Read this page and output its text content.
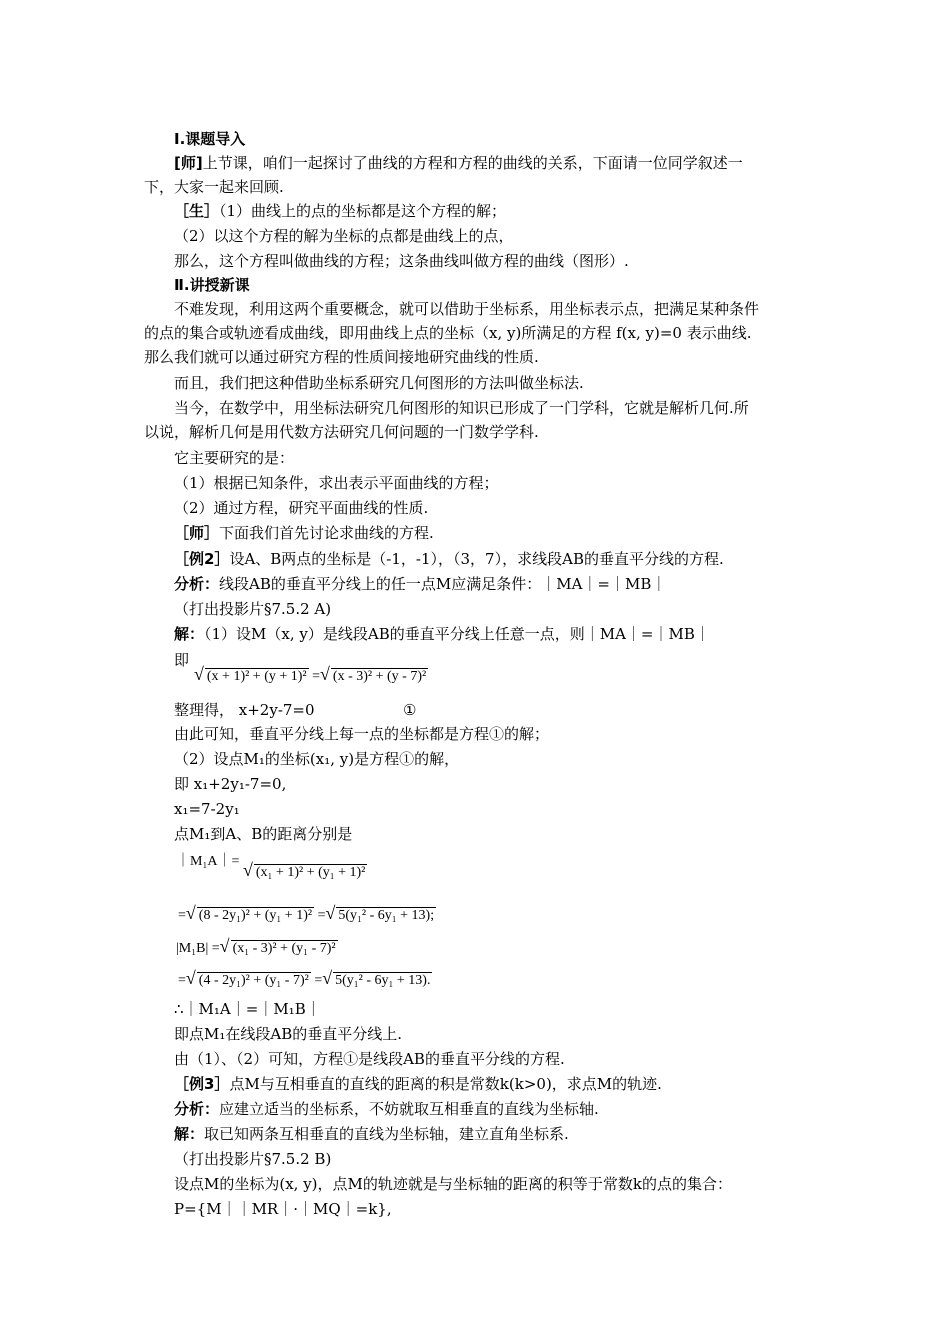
Ⅰ.课题导入
[师]上节课，咱们一起探讨了曲线的方程和方程的曲线的关系，下面请一位同学叙述一
下，大家一起来回顾.
［生］（1）曲线上的点的坐标都是这个方程的解；
（2）以这个方程的解为坐标的点都是曲线上的点，
那么，这个方程叫做曲线的方程；这条曲线叫做方程的曲线（图形）.
Ⅱ.讲授新课
不难发现，利用这两个重要概念，就可以借助于坐标系，用坐标表示点，把满足某种条件
的点的集合或轨迹看成曲线，即用曲线上点的坐标（x, y)所满足的方程 f(x, y)=0 表示曲线.
那么我们就可以通过研究方程的性质间接地研究曲线的性质.
而且，我们把这种借助坐标系研究几何图形的方法叫做坐标法.
当今，在数学中，用坐标法研究几何图形的知识已形成了一门学科，它就是解析几何.所
以说，解析几何是用代数方法研究几何问题的一门数学学科.
它主要研究的是：
（1）根据已知条件，求出表示平面曲线的方程；
（2）通过方程，研究平面曲线的性质.
［师］下面我们首先讨论求曲线的方程.
［例2］设A、B两点的坐标是（-1，-1），（3，7），求线段AB的垂直平分线的方程.
分析：线段AB的垂直平分线上的任一点M应满足条件：｜MA｜=｜MB｜
（打出投影片§7.5.2 A)
解：（1）设M（x, y）是线段AB的垂直平分线上任意一点，则｜MA｜=｜MB｜
即
√ (x + 1)² + (y + 1)² =√ (x - 3)² + (y - 7)²
整理得， x+2y-7=0	①
由此可知，垂直平分线上每一点的坐标都是方程①的解；
（2）设点M₁的坐标(x₁, y)是方程①的解，
即 x₁+2y₁-7=0,
x₁=7-2y₁
点M₁到A、B的距离分别是
｜M₁A｜= √ (x₁ + 1)² + (y₁ + 1)²
=√ (8 - 2y₁)² + (y₁ + 1)² =√ 5(y₁² - 6y₁ + 13);
|M₁B| =√ (x₁ - 3)² + (y₁ - 7)²
=√ (4 - 2y₁)² + (y₁ - 7)² =√ 5(y₁² - 6y₁ + 13).
∴｜M₁A｜=｜M₁B｜
即点M₁在线段AB的垂直平分线上.
由（1）、（2）可知，方程①是线段AB的垂直平分线的方程.
［例3］点M与互相垂直的直线的距离的积是常数k(k>0)，求点M的轨迹.
分析：应建立适当的坐标系，不妨就取互相垂直的直线为坐标轴.
解：取已知两条互相垂直的直线为坐标轴，建立直角坐标系.
（打出投影片§7.5.2 B)
设点M的坐标为(x, y)，点M的轨迹就是与坐标轴的距离的积等于常数k的点的集合：
P={M｜｜MR｜·｜MQ｜=k},
